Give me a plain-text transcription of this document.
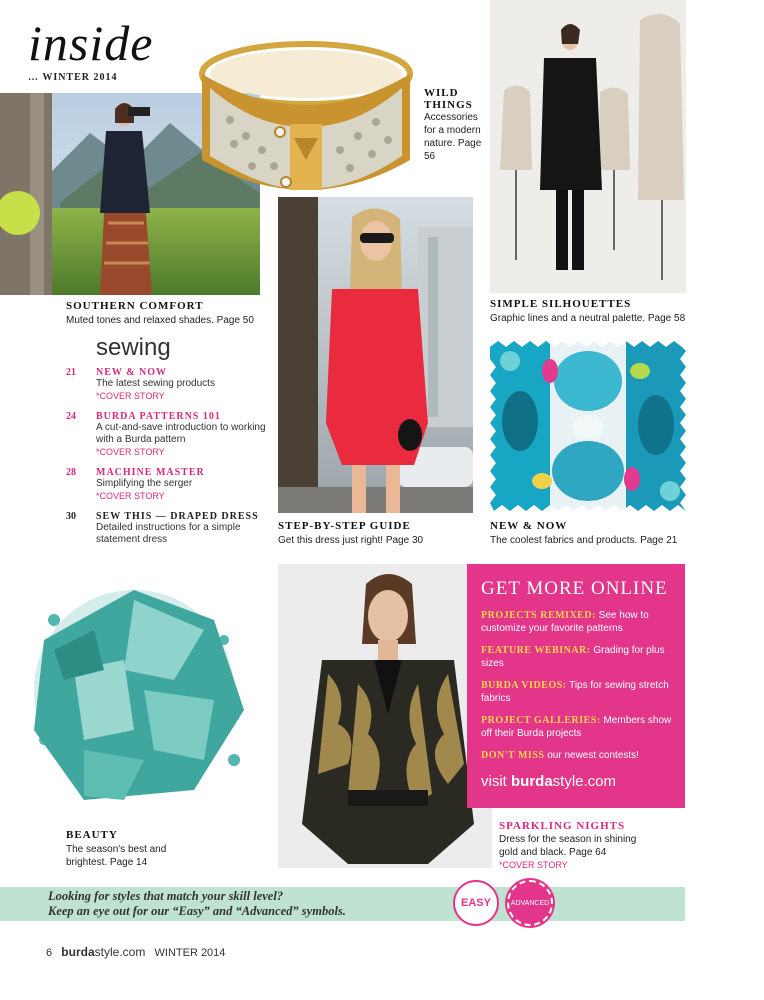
inside
… WINTER 2014
SOUTHERN COMFORT
Muted tones and relaxed shades. Page 50
WILD THINGS
Accessories for a modern nature. Page 56
SIMPLE SILHOUETTES
Graphic lines and a neutral palette. Page 58
STEP-BY-STEP GUIDE
Get this dress just right! Page 30
NEW & NOW
The coolest fabrics and products. Page 21
sewing
21 NEW & NOW
The latest sewing products
*COVER STORY
24 BURDA PATTERNS 101
A cut-and-save introduction to working with a Burda pattern
*COVER STORY
28 MACHINE MASTER
Simplifying the serger
*COVER STORY
30 SEW THIS — DRAPED DRESS
Detailed instructions for a simple statement dress
BEAUTY
The season's best and brightest. Page 14
GET MORE ONLINE
PROJECTS REMIXED: See how to customize your favorite patterns
FEATURE WEBINAR: Grading for plus sizes
BURDA VIDEOS: Tips for sewing stretch fabrics
PROJECT GALLERIES: Members show off their Burda projects
DON'T MISS our newest contests!
visit burdastyle.com
SPARKLING NIGHTS
Dress for the season in shining gold and black. Page 64
*COVER STORY
Looking for styles that match your skill level?
Keep an eye out for our “Easy” and “Advanced” symbols.
EASY	ADVANCED
6 burdastyle.com WINTER 2014
